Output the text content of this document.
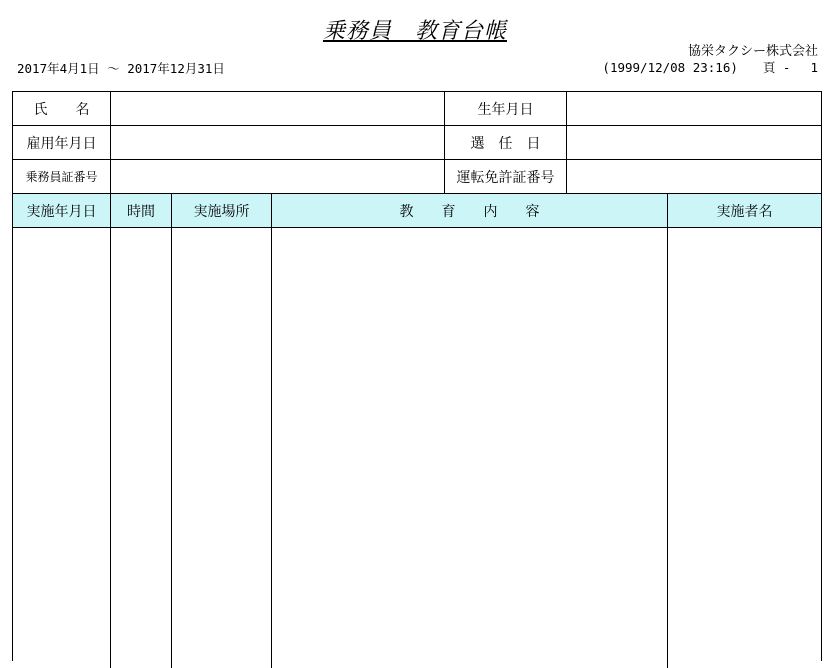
乗務員　教育台帳
協栄タクシー株式会社
2017年4月1日 ～ 2017年12月31日	(1999/12/08 23:16)　　頁 -　 1
氏　　名	生年月日
雇用年月日	選　任　日
乗務員証番号	運転免許証番号
実施年月日	時間	実施場所	教　　育　　内　　容	実施者名
